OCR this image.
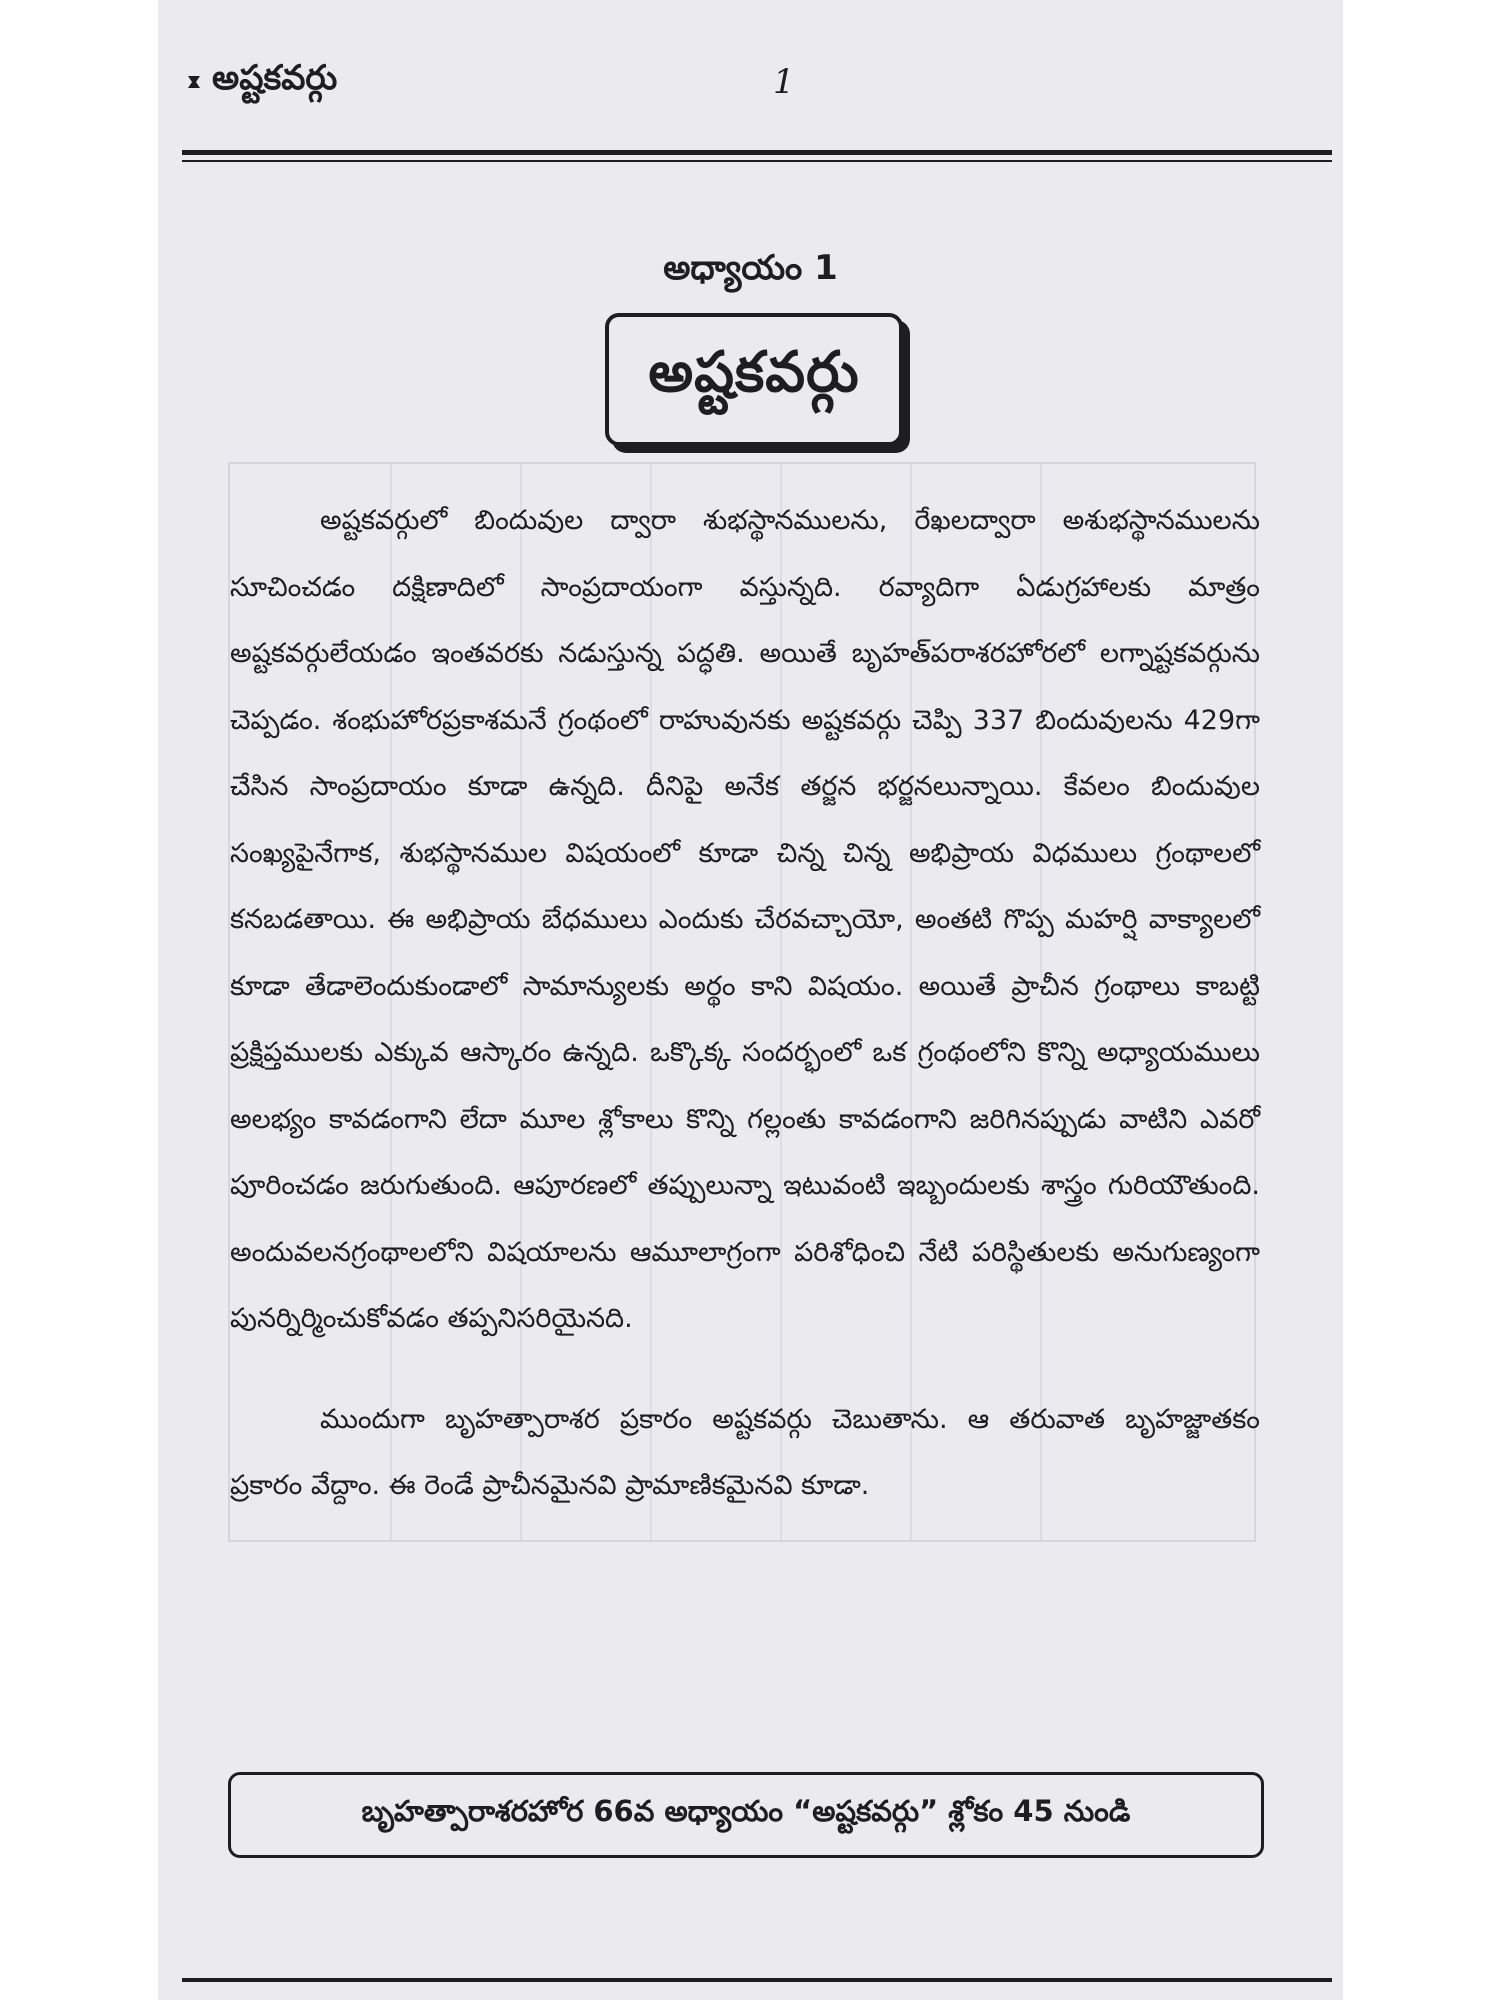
అష్టకవర్గు	1
అధ్యాయం 1
అష్టకవర్గు

అష్టకవర్గులో బిందువుల ద్వారా శుభస్థానములను, రేఖలద్వారా అశుభస్థానములను సూచించడం దక్షిణాదిలో సాంప్రదాయంగా వస్తున్నది. రవ్యాదిగా ఏడుగ్రహాలకు మాత్రం అష్టకవర్గులేయడం ఇంతవరకు నడుస్తున్న పద్ధతి. అయితే బృహత్‌పరాశరహోరలో లగ్నాష్టకవర్గును చెప్పడం. శంభుహోరప్రకాశమనే గ్రంథంలో రాహువునకు అష్టకవర్గు చెప్పి 337 బిందువులను 429గా చేసిన సాంప్రదాయం కూడా ఉన్నది. దీనిపై అనేక తర్జన భర్జనలున్నాయి. కేవలం బిందువుల సంఖ్యపైనేగాక, శుభస్థానముల విషయంలో కూడా చిన్న చిన్న అభిప్రాయ విధములు గ్రంథాలలో కనబడతాయి. ఈ అభిప్రాయ బేధములు ఎందుకు చేరవచ్చాయో, అంతటి గొప్ప మహర్షి వాక్యాలలో కూడా తేడాలెందుకుండాలో సామాన్యులకు అర్థం కాని విషయం. అయితే ప్రాచీన గ్రంథాలు కాబట్టి ప్రక్షిప్తములకు ఎక్కువ ఆస్కారం ఉన్నది. ఒక్కొక్క సందర్భంలో ఒక గ్రంథంలోని కొన్ని అధ్యాయములు అలభ్యం కావడంగాని లేదా మూల శ్లోకాలు కొన్ని గల్లంతు కావడంగాని జరిగినప్పుడు వాటిని ఎవరో పూరించడం జరుగుతుంది. ఆపూరణలో తప్పులున్నా ఇటువంటి ఇబ్బందులకు శాస్త్రం గురియౌతుంది. అందువలనగ్రంథాలలోని విషయాలను ఆమూలాగ్రంగా పరిశోధించి నేటి పరిస్థితులకు అనుగుణ్యంగా పునర్నిర్మించుకోవడం తప్పనిసరియైనది.

ముందుగా బృహత్పారాశర ప్రకారం అష్టకవర్గు చెబుతాను. ఆ తరువాత బృహజ్జాతకం ప్రకారం వేద్దాం. ఈ రెండే ప్రాచీనమైనవి ప్రామాణికమైనవి కూడా.

బృహత్పారాశరహోర 66వ అధ్యాయం “అష్టకవర్గు” శ్లోకం 45 నుండి
